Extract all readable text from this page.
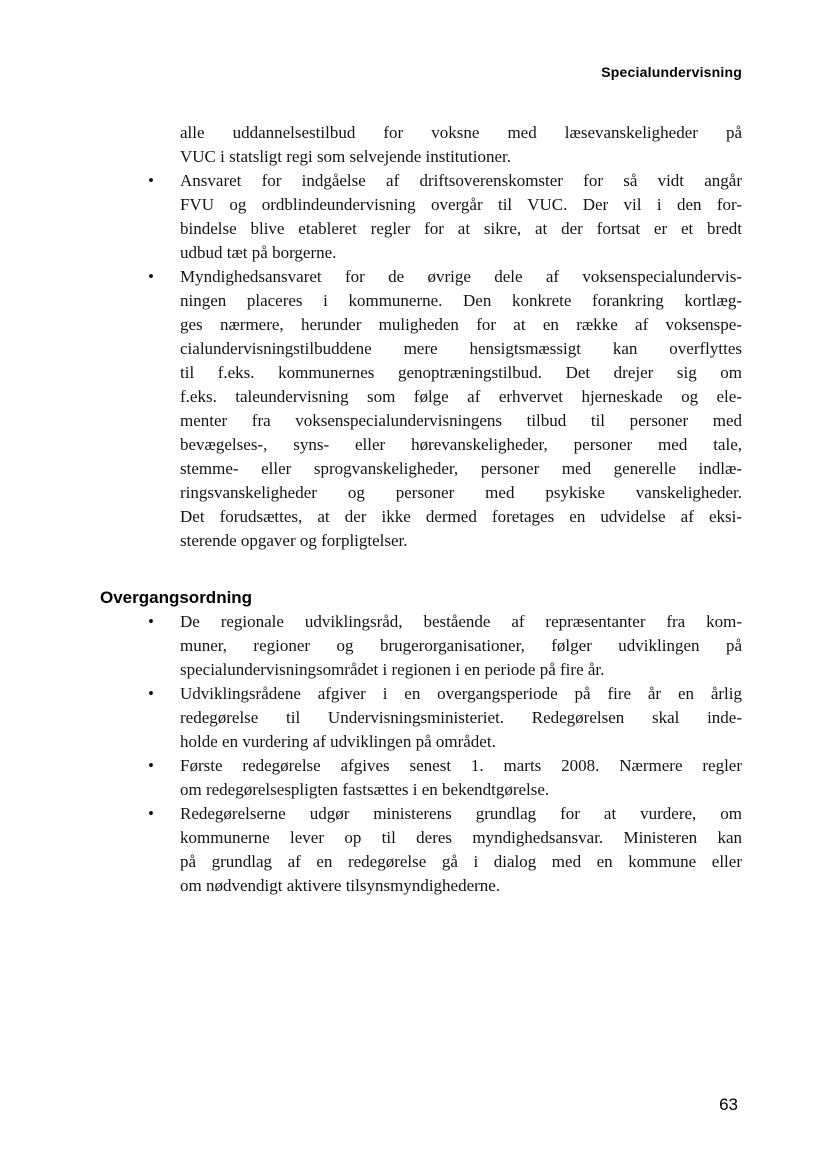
Specialundervisning
alle uddannelsestilbud for voksne med læsevanskeligheder på
VUC i statsligt regi som selvejende institutioner.
•	Ansvaret for indgåelse af driftsoverenskomster for så vidt angår
FVU og ordblindeundervisning overgår til VUC. Der vil i den for-
bindelse blive etableret regler for at sikre, at der fortsat er et bredt
udbud tæt på borgerne.
•	Myndighedsansvaret for de øvrige dele af voksenspecialundervis-
ningen placeres i kommunerne. Den konkrete forankring kortlæg-
ges nærmere, herunder muligheden for at en række af voksenspe-
cialundervisningstilbuddene mere hensigtsmæssigt kan overflyttes
til f.eks. kommunernes genoptræningstilbud. Det drejer sig om
f.eks. taleundervisning som følge af erhvervet hjerneskade og ele-
menter fra voksenspecialundervisningens tilbud til personer med
bevægelses-, syns- eller hørevanskeligheder, personer med tale,
stemme- eller sprogvanskeligheder, personer med generelle indlæ-
ringsvanskeligheder og personer med psykiske vanskeligheder.
Det forudsættes, at der ikke dermed foretages en udvidelse af eksi-
sterende opgaver og forpligtelser.
Overgangsordning
•	De regionale udviklingsråd, bestående af repræsentanter fra kom-
muner, regioner og brugerorganisationer, følger udviklingen på
specialundervisningsområdet i regionen i en periode på fire år.
•	Udviklingsrådene afgiver i en overgangsperiode på fire år en årlig
redegørelse til Undervisningsministeriet. Redegørelsen skal inde-
holde en vurdering af udviklingen på området.
•	Første redegørelse afgives senest 1. marts 2008. Nærmere regler
om redegørelsespligten fastsættes i en bekendtgørelse.
•	Redegørelserne udgør ministerens grundlag for at vurdere, om
kommunerne lever op til deres myndighedsansvar. Ministeren kan
på grundlag af en redegørelse gå i dialog med en kommune eller
om nødvendigt aktivere tilsynsmyndighederne.
63
